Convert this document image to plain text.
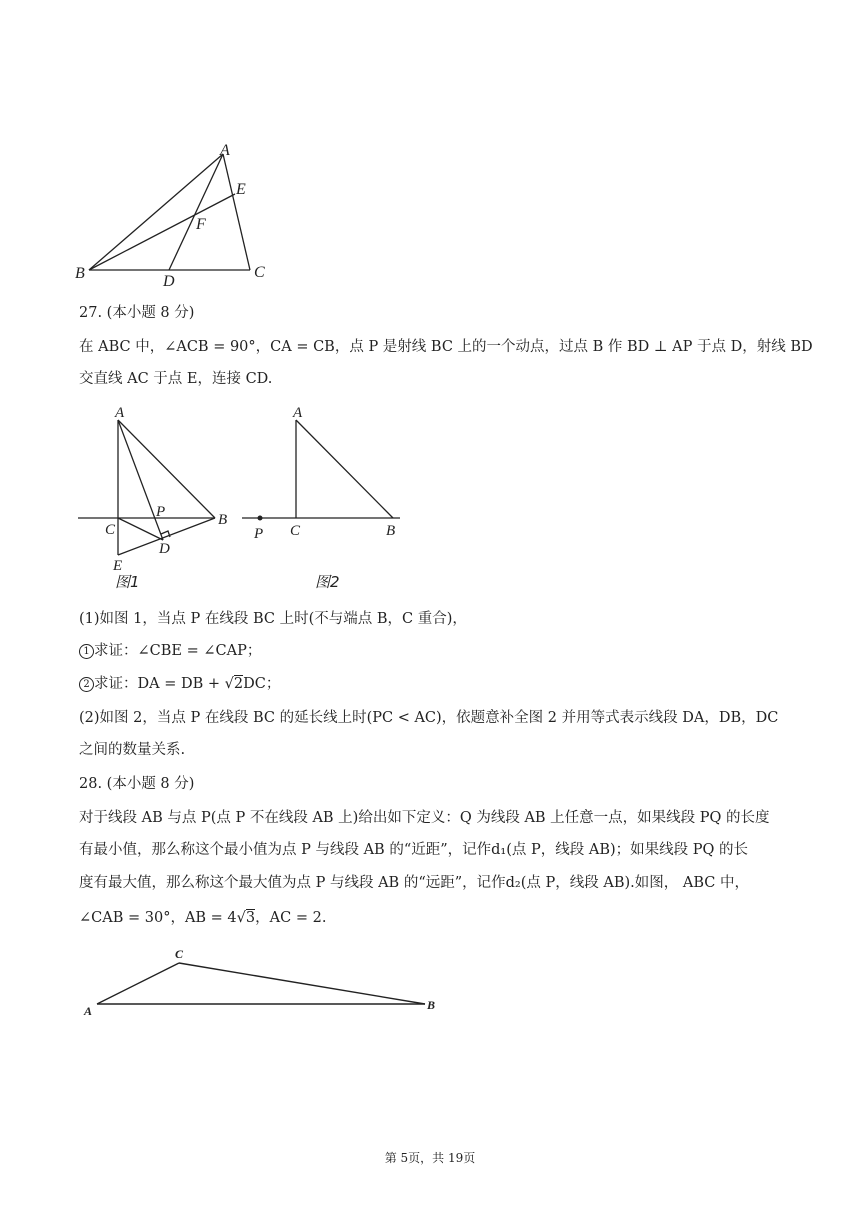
A
E
F
B	D
C
27. (本小题 8 分)
在 ABC 中，∠ACB = 90°，CA = CB，点 P 是射线 BC 上的一个动点，过点 B 作 BD ⊥ AP 于点 D，射线 BD
交直线 AC 于点 E，连接 CD.
A
P	B
C
D
E
图1
A
P C	B
图2
(1)如图 1，当点 P 在线段 BC 上时(不与端点 B，C 重合)，
1 求证：∠CBE = ∠CAP；
2 求证：DA = DB + √2DC；
(2)如图 2，当点 P 在线段 BC 的延长线上时(PC < AC)，依题意补全图 2 并用等式表示线段 DA，DB，DC
之间的数量关系.
28. (本小题 8 分)
对于线段 AB 与点 P(点 P 不在线段 AB 上)给出如下定义：Q 为线段 AB 上任意一点，如果线段 PQ 的长度
有最小值，那么称这个最小值为点 P 与线段 AB 的“近距”，记作d₁(点 P，线段 AB)；如果线段 PQ 的长
度有最大值，那么称这个最大值为点 P 与线段 AB 的“远距”，记作d₂(点 P，线段 AB).如图， ABC 中，
∠CAB = 30°，AB = 4√3，AC = 2.
A
C
B
第 5页，共 19页
